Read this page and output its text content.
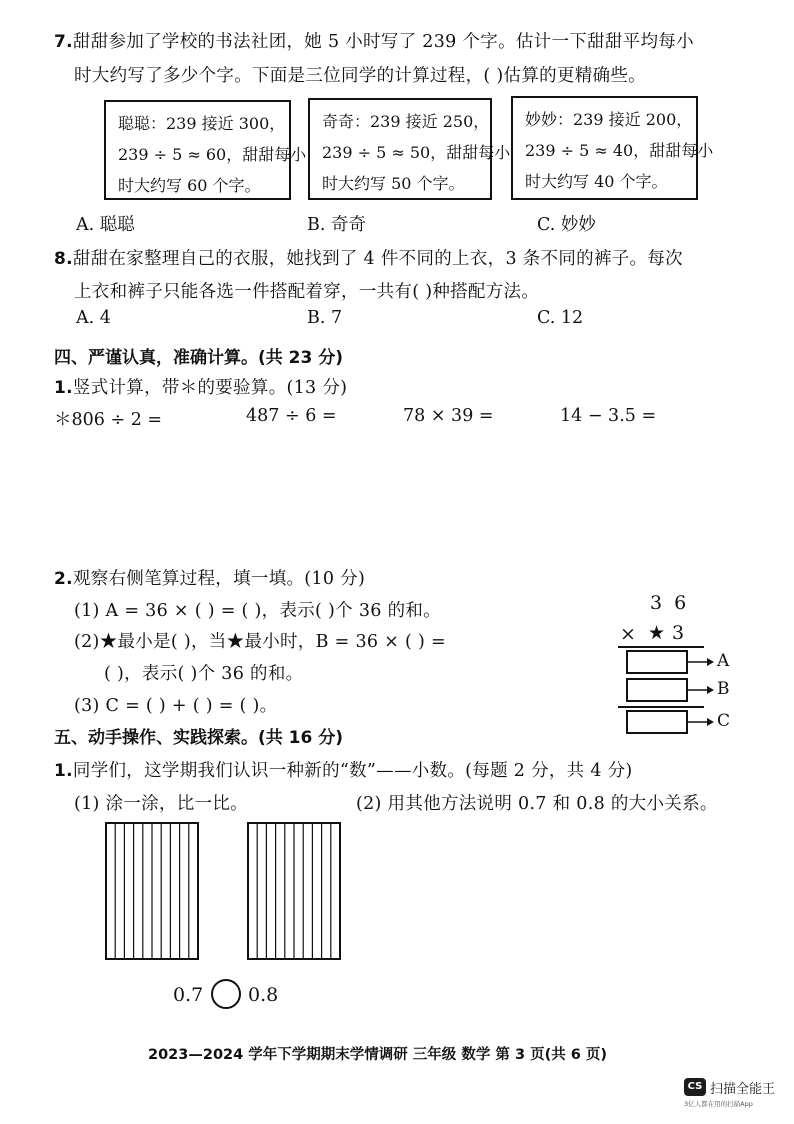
7.甜甜参加了学校的书法社团，她 5 小时写了 239 个字。估计一下甜甜平均每小
时大约写了多少个字。下面是三位同学的计算过程，( )估算的更精确些。
聪聪：239 接近 300，
239 ÷ 5 ≈ 60，甜甜每小
时大约写 60 个字。
奇奇：239 接近 250，
239 ÷ 5 ≈ 50，甜甜每小
时大约写 50 个字。
妙妙：239 接近 200，
239 ÷ 5 ≈ 40，甜甜每小
时大约写 40 个字。
A. 聪聪	B. 奇奇	C. 妙妙
8.甜甜在家整理自己的衣服，她找到了 4 件不同的上衣，3 条不同的裤子。每次
上衣和裤子只能各选一件搭配着穿，一共有( )种搭配方法。
A. 4	B. 7	C. 12
四、严谨认真，准确计算。(共 23 分)
1.竖式计算，带＊的要验算。(13 分)
＊806 ÷ 2 =	487 ÷ 6 =	78 × 39 =	14 − 3.5 =
2.观察右侧笔算过程，填一填。(10 分)
(1) A = 36 × ( ) = ( )，表示( )个 36 的和。
(2)★最小是( )，当★最小时，B = 36 × ( ) =
( )，表示( )个 36 的和。
(3) C = ( ) + ( ) = ( )。
3 6
× ★ 3
A
B
C
五、动手操作、实践探索。(共 16 分)
1.同学们，这学期我们认识一种新的“数”——小数。(每题 2 分，共 4 分)
(1) 涂一涂，比一比。	(2) 用其他方法说明 0.7 和 0.8 的大小关系。
0.7 0.8
2023—2024 学年下学期期末学情调研 三年级 数学 第 3 页(共 6 页)
CS 扫描全能王
3亿人都在用的扫描App
